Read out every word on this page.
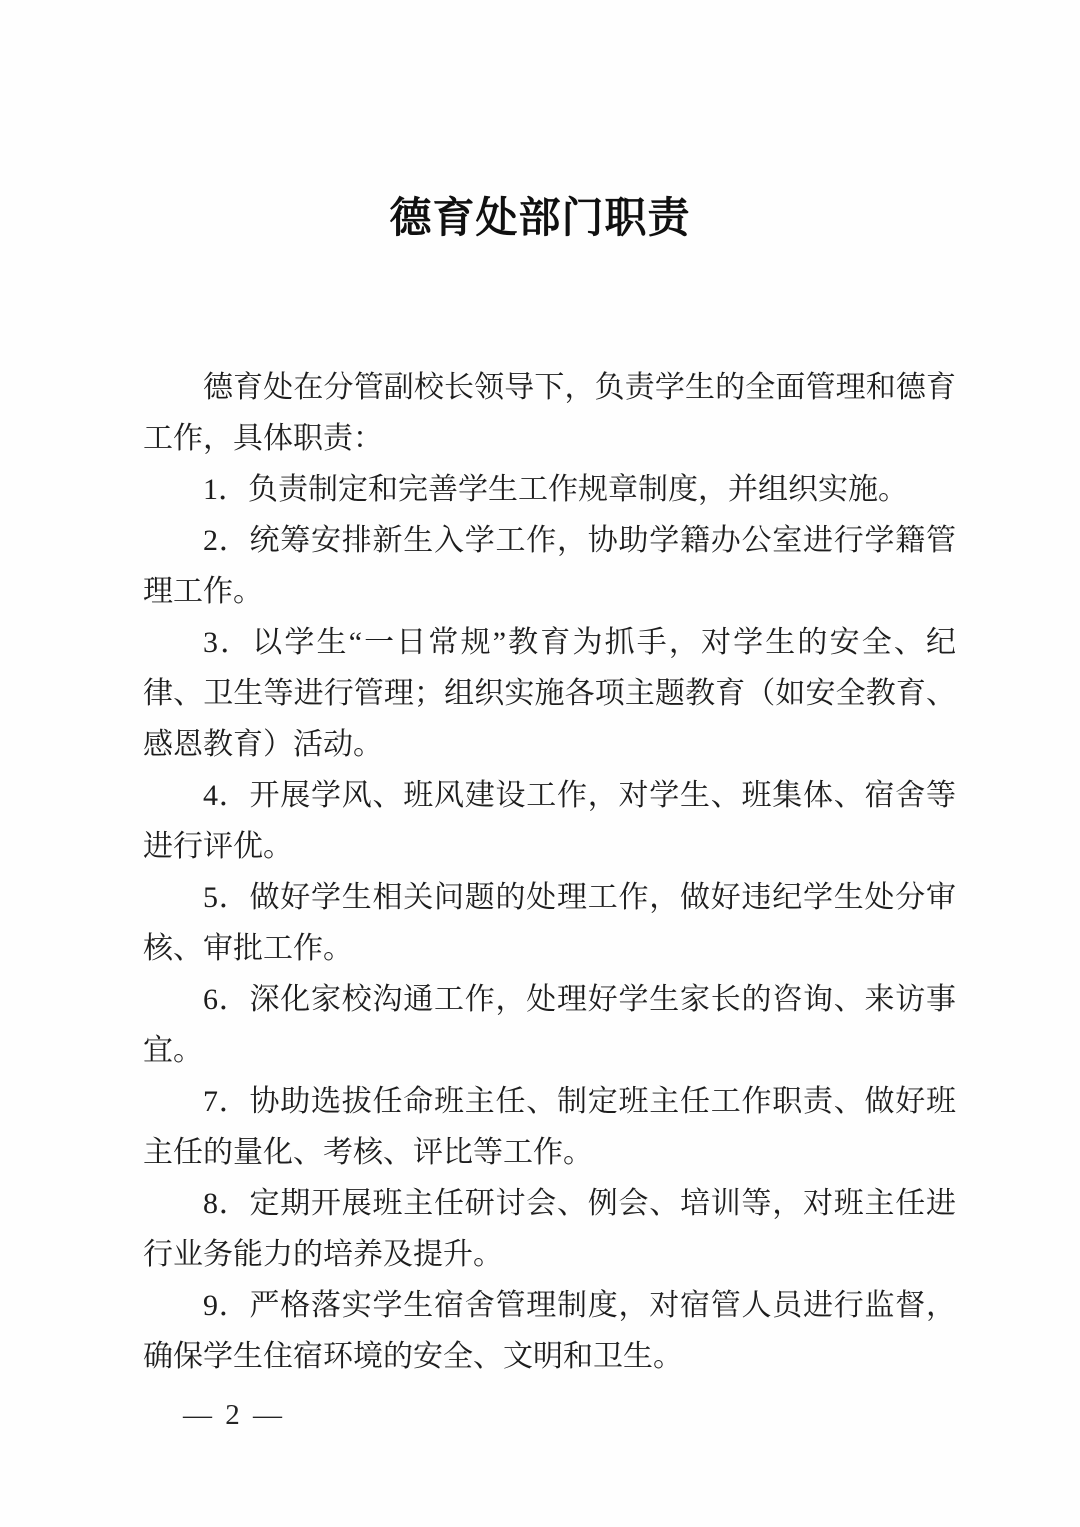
德育处部门职责

德育处在分管副校长领导下，负责学生的全面管理和德育工作，具体职责：

1．负责制定和完善学生工作规章制度，并组织实施。

2．统筹安排新生入学工作，协助学籍办公室进行学籍管理工作。

3．以学生“一日常规”教育为抓手，对学生的安全、纪律、卫生等进行管理；组织实施各项主题教育（如安全教育、感恩教育）活动。

4．开展学风、班风建设工作，对学生、班集体、宿舍等进行评优。

5．做好学生相关问题的处理工作，做好违纪学生处分审核、审批工作。

6．深化家校沟通工作，处理好学生家长的咨询、来访事宜。

7．协助选拔任命班主任、制定班主任工作职责、做好班主任的量化、考核、评比等工作。

8．定期开展班主任研讨会、例会、培训等，对班主任进行业务能力的培养及提升。

9．严格落实学生宿舍管理制度，对宿管人员进行监督，确保学生住宿环境的安全、文明和卫生。

— 2 —
